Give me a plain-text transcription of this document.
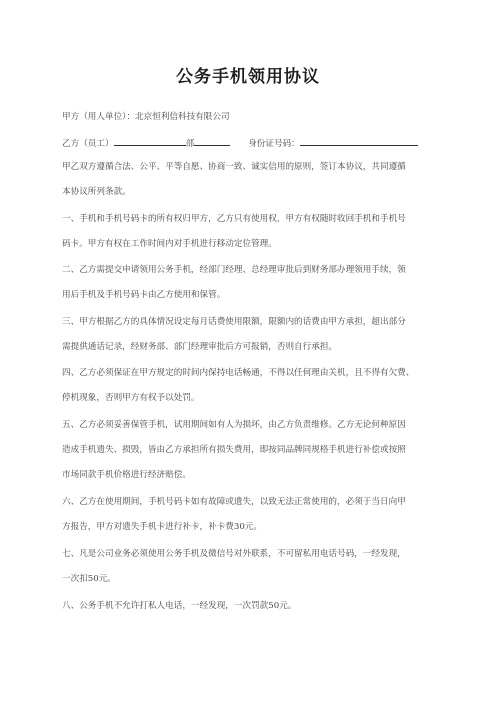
公务手机领用协议
甲方（用人单位）：北京恒利信科技有限公司
乙方（员工）	部	身份证号码：
甲乙双方遵循合法、公平、平等自愿、协商一致、诚实信用的原则，签订本协议，共同遵循
本协议所列条款。
一、手机和手机号码卡的所有权归甲方，乙方只有使用权，甲方有权随时收回手机和手机号
码卡。甲方有权在工作时间内对手机进行移动定位管理。
二、乙方需提交申请领用公务手机，经部门经理、总经理审批后到财务部办理领用手续，领
用后手机及手机号码卡由乙方使用和保管。
三、甲方根据乙方的具体情况设定每月话费使用限额，限额内的话费由甲方承担，超出部分
需提供通话记录，经财务部、部门经理审批后方可报销，否则自行承担。
四、乙方必须保证在甲方规定的时间内保持电话畅通，不得以任何理由关机，且不得有欠费、
停机现象，否则甲方有权予以处罚。
五、乙方必须妥善保管手机，试用期间如有人为损坏，由乙方负责维修。乙方无论何种原因
造成手机遗失、损毁，皆由乙方承担所有损失费用，即按同品牌同规格手机进行补偿或按照
市场同款手机价格进行经济赔偿。
六、乙方在使用期间，手机号码卡如有故障或遗失，以致无法正常使用的，必须于当日向甲
方报告，甲方对遗失手机卡进行补卡，补卡费30元。
七、凡是公司业务必须使用公务手机及微信号对外联系，不可留私用电话号码，一经发现，
一次扣50元。
八、公务手机不允许打私人电话，一经发现，一次罚款50元。
